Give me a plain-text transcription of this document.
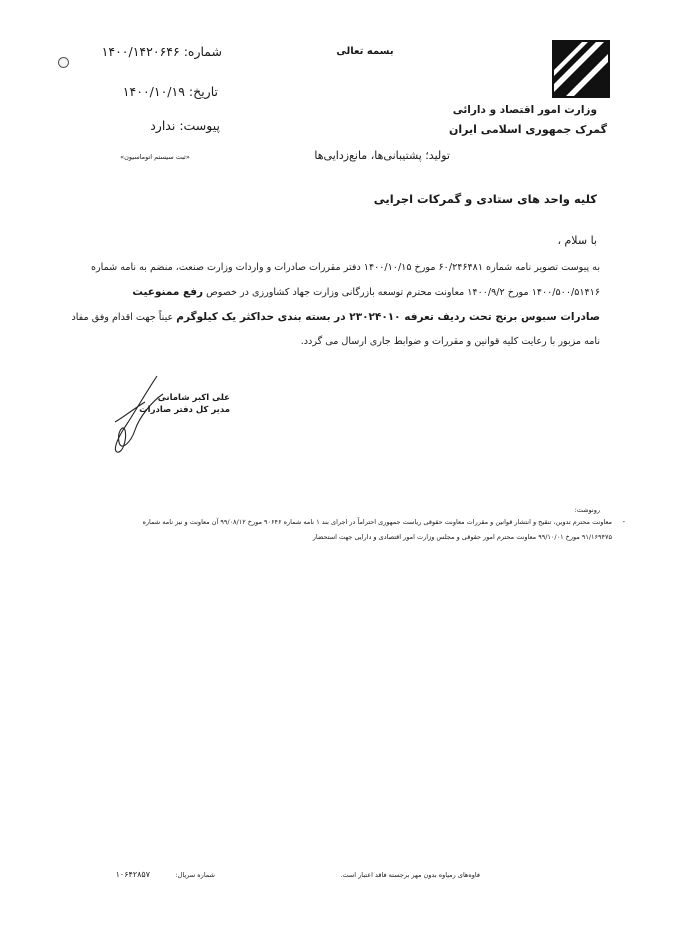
وزارت امور اقتصاد و دارائی
گمرک جمهوری اسلامی ایران
بسمه تعالی
شماره: ۱۴۰۰/۱۴۲۰۶۴۶
تاریخ: ۱۴۰۰/۱۰/۱۹
پیوست: ندارد
«ثبت سیستم اتوماسیون»	تولید؛ پشتیبانی‌ها، مانع‌زدایی‌ها
کلیه واحد های ستادی و گمرکات اجرایی
با سلام ،

به پیوست تصویر نامه شماره ۶۰/۲۴۶۴۸۱ مورخ ۱۴۰۰/۱۰/۱۵ دفتر مقررات صادرات و واردات وزارت صنعت، منضم به نامه شماره

۱۴۰۰/۵۰۰/۵۱۴۱۶ مورخ ۱۴۰۰/۹/۲ معاونت محترم توسعه بازرگانی وزارت جهاد کشاورزی در خصوص رفع ممنوعیت

صادرات سبوس برنج تحت ردیف تعرفه ۲۳۰۲۴۰۱۰ در بسته بندی حداکثر یک کیلوگرم عیناً جهت اقدام وفق مفاد

نامه مزبور با رعایت کلیه قوانین و مقررات و ضوابط جاری ارسال می گردد.

علی اکبر شامانی
مدیر کل دفتر صادرات
رونوشت:
-
معاونت محترم تدوین، تنقیح و انتشار قوانین و مقررات معاونت حقوقی ریاست جمهوری احتراماً در اجرای بند ۱ نامه شماره ۹۰۶۴۶ مورخ ۹۹/۰۸/۱۲ آن معاونت و نیز نامه شماره
۹۱/۱۶۹۴۷۵ مورخ ۹۹/۱۰/۰۱ معاونت محترم امور حقوقی و مجلس وزارت امور اقتصادی و دارایی جهت استحضار
فاوه‌های رمیاوه بدون مهر برجسته فاقد اعتبار است.
شماره سریال:
۱۰۶۴۲۸۵۷
